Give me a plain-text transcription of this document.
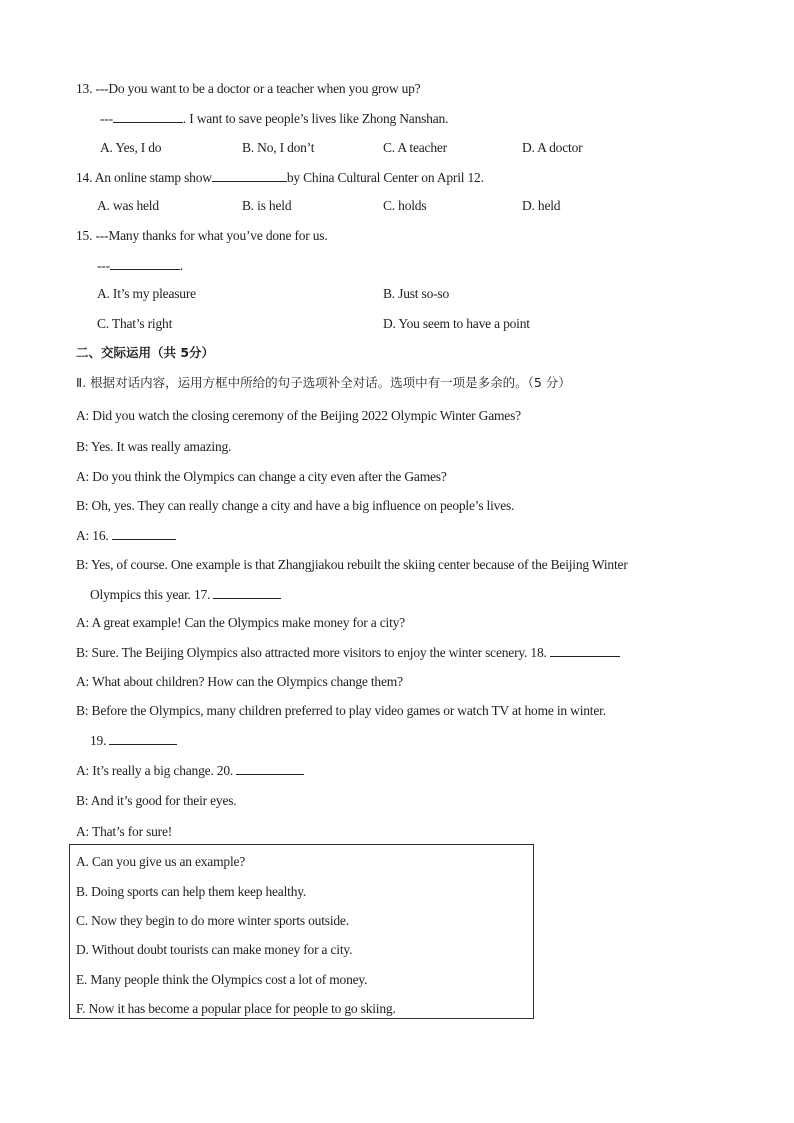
13. ---Do you want to be a doctor or a teacher when you grow up?
---	. I want to save people’s lives like Zhong Nanshan.
A. Yes, I do	B. No, I don’t	C. A teacher	D. A doctor
14. An online stamp show	by China Cultural Center on April 12.
A. was held	B. is held	C. holds	D. held
15. ---Many thanks for what you’ve done for us.
---	.
A. It’s my pleasure	B. Just so-so
C. That’s right	D. You seem to have a point
二、交际运用（共 5分）
Ⅱ. 根据对话内容，运用方框中所给的句子选项补全对话。选项中有一项是多余的。（5 分）
A: Did you watch the closing ceremony of the Beijing 2022 Olympic Winter Games?
B: Yes. It was really amazing.
A: Do you think the Olympics can change a city even after the Games?
B: Oh, yes. They can really change a city and have a big influence on people’s lives.
A: 16.
B: Yes, of course. One example is that Zhangjiakou rebuilt the skiing center because of the Beijing Winter
Olympics this year. 17.
A: A great example! Can the Olympics make money for a city?
B: Sure. The Beijing Olympics also attracted more visitors to enjoy the winter scenery. 18.
A: What about children? How can the Olympics change them?
B: Before the Olympics, many children preferred to play video games or watch TV at home in winter.
19.
A: It’s really a big change. 20.
B: And it’s good for their eyes.
A: That’s for sure!
A. Can you give us an example?
B. Doing sports can help them keep healthy.
C. Now they begin to do more winter sports outside.
D. Without doubt tourists can make money for a city.
E. Many people think the Olympics cost a lot of money.
F. Now it has become a popular place for people to go skiing.
